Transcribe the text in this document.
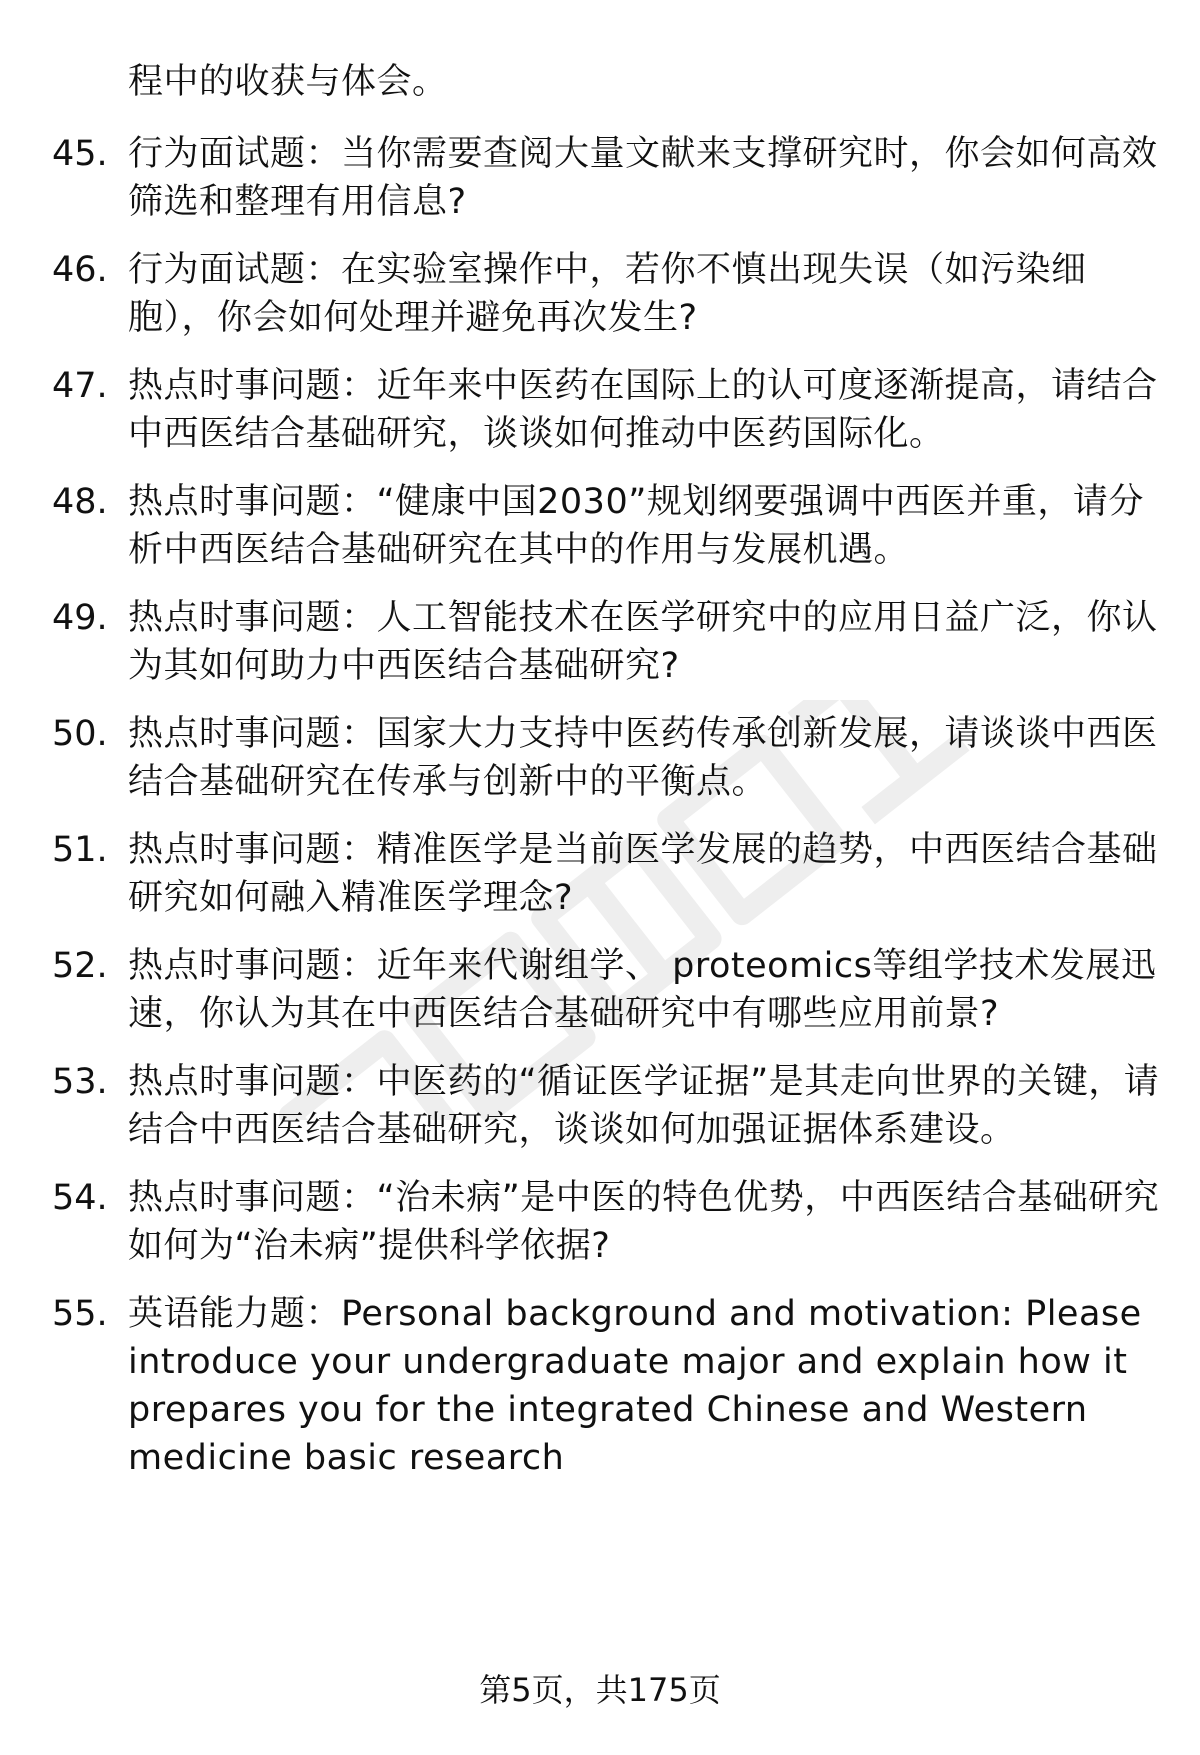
程中的收获与体会。
45. 行为面试题：当你需要查阅大量文献来支撑研究时，你会如何高效筛选和整理有用信息?
46. 行为面试题：在实验室操作中，若你不慎出现失误（如污染细胞），你会如何处理并避免再次发生?
47. 热点时事问题：近年来中医药在国际上的认可度逐渐提高，请结合中西医结合基础研究，谈谈如何推动中医药国际化。
48. 热点时事问题：“健康中国2030”规划纲要强调中西医并重，请分析中西医结合基础研究在其中的作用与发展机遇。
49. 热点时事问题：人工智能技术在医学研究中的应用日益广泛，你认为其如何助力中西医结合基础研究?
50. 热点时事问题：国家大力支持中医药传承创新发展，请谈谈中西医结合基础研究在传承与创新中的平衡点。
51. 热点时事问题：精准医学是当前医学发展的趋势，中西医结合基础研究如何融入精准医学理念?
52. 热点时事问题：近年来代谢组学、 proteomics等组学技术发展迅速，你认为其在中西医结合基础研究中有哪些应用前景?
53. 热点时事问题：中医药的“循证医学证据”是其走向世界的关键，请结合中西医结合基础研究，谈谈如何加强证据体系建设。
54. 热点时事问题：“治未病”是中医的特色优势，中西医结合基础研究如何为“治未病”提供科学依据?
55. 英语能力题：Personal background and motivation: Please introduce your undergraduate major and explain how it prepares you for the integrated Chinese and Western medicine basic research
第5页，共175页
